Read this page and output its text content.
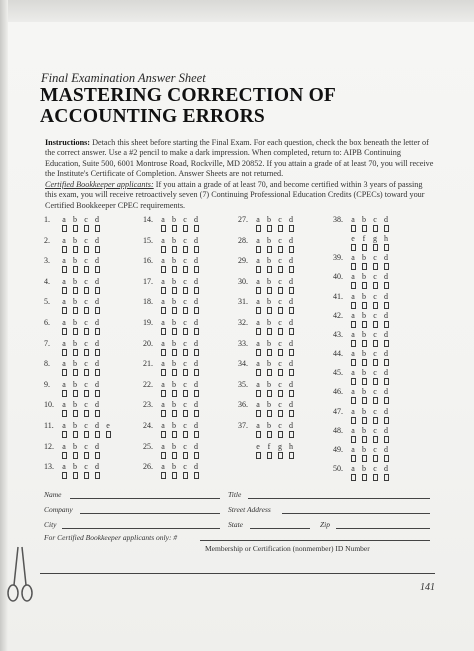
Final Examination Answer Sheet
MASTERING CORRECTION OF
ACCOUNTING ERRORS
Instructions: Detach this sheet before starting the Final Exam. For each question, check the box beneath the letter of the correct answer. Use a #2 pencil to make a dark impression. When completed, return to: AIPB Continuing Education, Suite 500, 6001 Montrose Road, Rockville, MD 20852. If you attain a grade of at least 70, you will receive the Institute's Certificate of Completion. Answer Sheets are not returned.
Certified Bookkeeper applicants: If you attain a grade of at least 70, and become certified within 3 years of passing this exam, you will receive retroactively seven (7) Continuing Professional Education Credits (CPECs) toward your Certified Bookkeeper CPEC requirements.
1. a b c d
2. a b c d
3. a b c d
4. a b c d
5. a b c d
6. a b c d
7. a b c d
8. a b c d
9. a b c d
10. a b c d
11. a b c d e
12. a b c d
13. a b c d
14. a b c d
15. a b c d
16. a b c d
17. a b c d
18. a b c d
19. a b c d
20. a b c d
21. a b c d
22. a b c d
23. a b c d
24. a b c d
25. a b c d
26. a b c d
27. a b c d
28. a b c d
29. a b c d
30. a b c d
31. a b c d
32. a b c d
33. a b c d
34. a b c d
35. a b c d
36. a b c d
37. a b c d
e f g h
38. a b c d
e f g h
39. a b c d
40. a b c d
41. a b c d
42. a b c d
43. a b c d
44. a b c d
45. a b c d
46. a b c d
47. a b c d
48. a b c d
49. a b c d
50. a b c d
Name	Title
Company	Street Address
City	State	Zip
For Certified Bookkeeper applicants only: #
Membership or Certification (nonmember) ID Number
141
